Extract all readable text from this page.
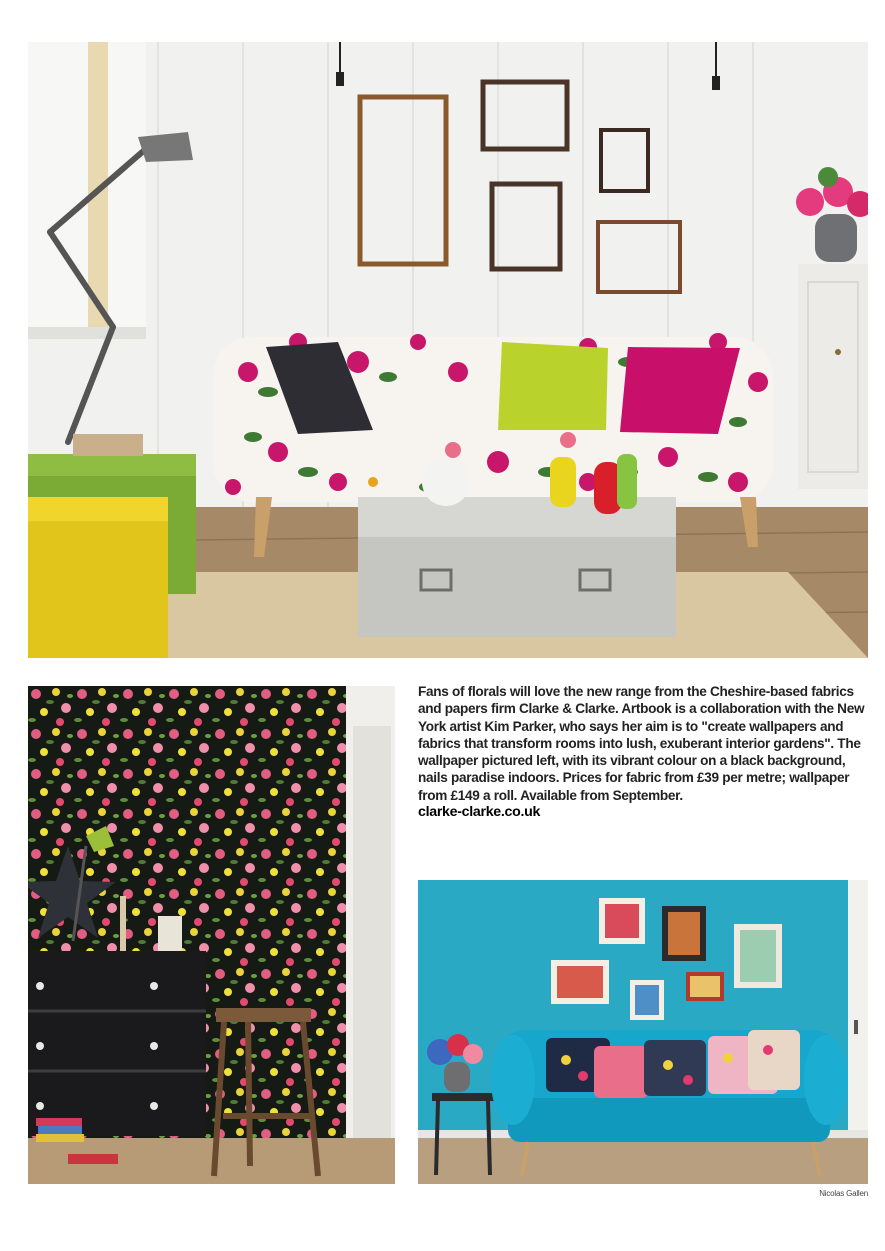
Fans of florals will love the new range from the Cheshire-based fabrics and papers firm Clarke & Clarke. Artbook is a collaboration with the New York artist Kim Parker, who says her aim is to "create wallpapers and fabrics that transform rooms into lush, exuberant interior gardens". The wallpaper pictured left, with its vibrant colour on a black background, nails paradise indoors. Prices for fabric from £39 per metre; wallpaper from £149 a roll. Available from September.
clarke-clarke.co.uk
Nicolas Gallen
